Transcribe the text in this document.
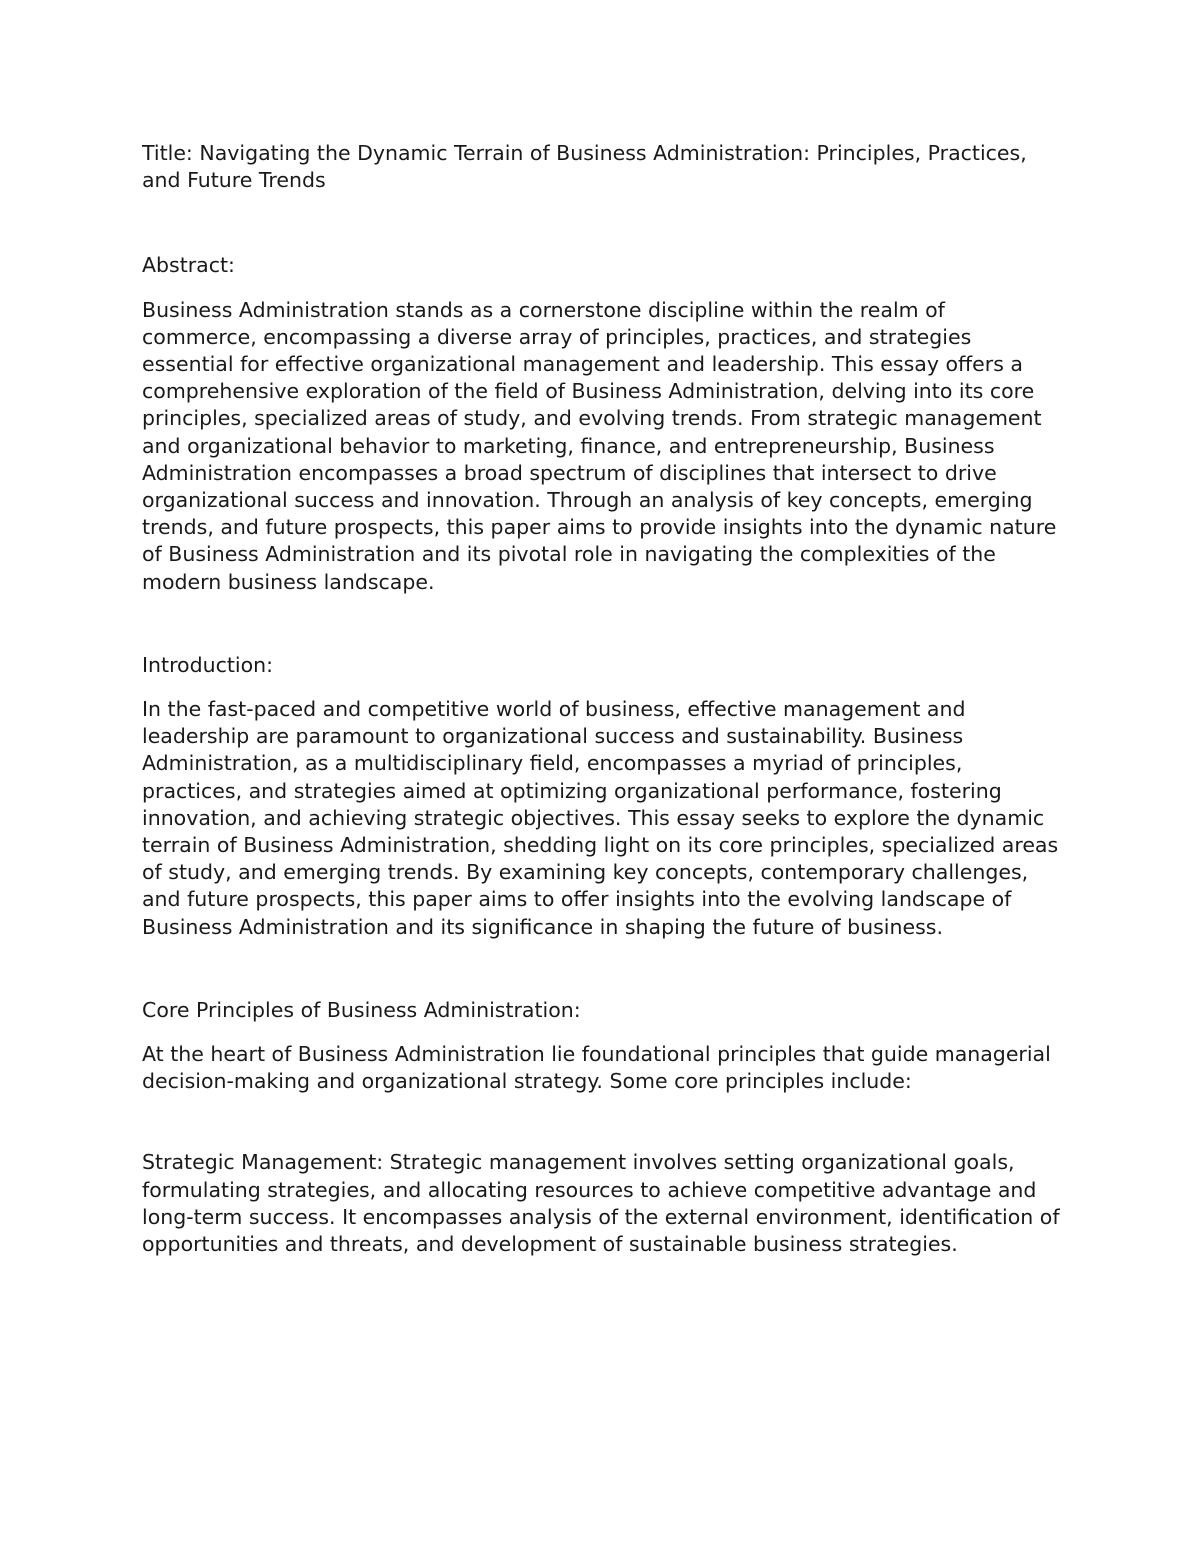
Title: Navigating the Dynamic Terrain of Business Administration: Principles, Practices, and Future Trends
Abstract:

Business Administration stands as a cornerstone discipline within the realm of commerce, encompassing a diverse array of principles, practices, and strategies essential for effective organizational management and leadership. This essay offers a comprehensive exploration of the field of Business Administration, delving into its core principles, specialized areas of study, and evolving trends. From strategic management and organizational behavior to marketing, finance, and entrepreneurship, Business Administration encompasses a broad spectrum of disciplines that intersect to drive organizational success and innovation. Through an analysis of key concepts, emerging trends, and future prospects, this paper aims to provide insights into the dynamic nature of Business Administration and its pivotal role in navigating the complexities of the modern business landscape.

Introduction:

In the fast-paced and competitive world of business, effective management and leadership are paramount to organizational success and sustainability. Business Administration, as a multidisciplinary field, encompasses a myriad of principles, practices, and strategies aimed at optimizing organizational performance, fostering innovation, and achieving strategic objectives. This essay seeks to explore the dynamic terrain of Business Administration, shedding light on its core principles, specialized areas of study, and emerging trends. By examining key concepts, contemporary challenges, and future prospects, this paper aims to offer insights into the evolving landscape of Business Administration and its significance in shaping the future of business.

Core Principles of Business Administration:

At the heart of Business Administration lie foundational principles that guide managerial decision-making and organizational strategy. Some core principles include:

Strategic Management: Strategic management involves setting organizational goals, formulating strategies, and allocating resources to achieve competitive advantage and long-term success. It encompasses analysis of the external environment, identification of opportunities and threats, and development of sustainable business strategies.
